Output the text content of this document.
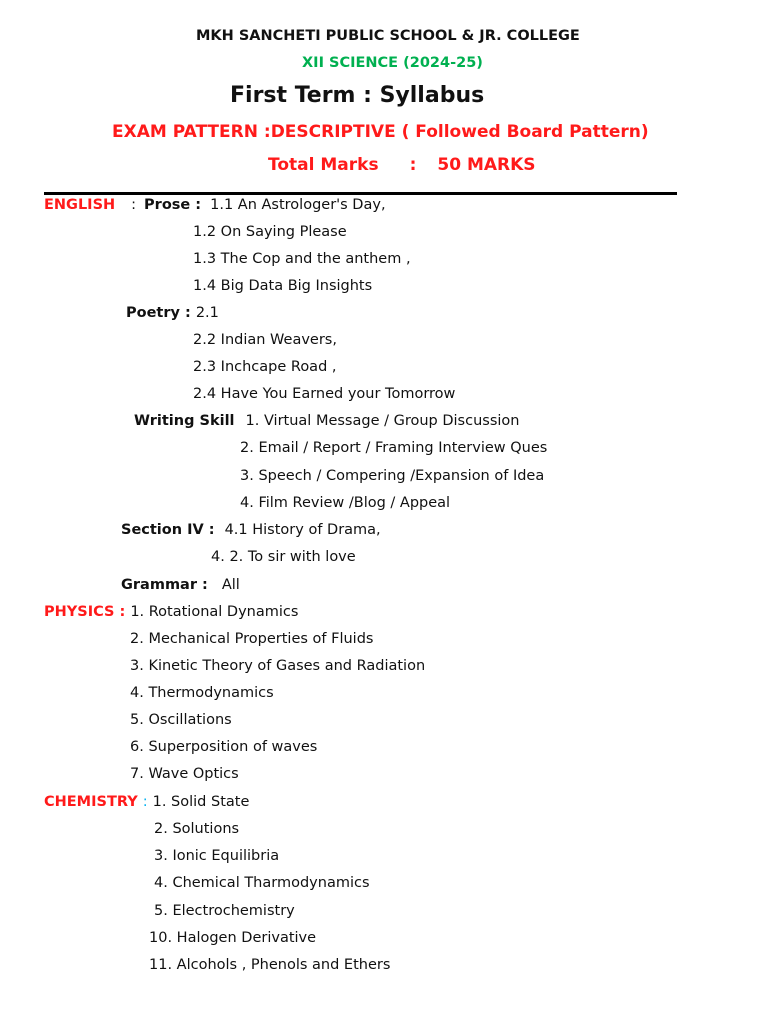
MKH SANCHETI PUBLIC SCHOOL & JR. COLLEGE
XII SCIENCE (2024-25)
First Term : Syllabus
EXAM PATTERN :DESCRIPTIVE ( Followed Board Pattern)
Total Marks : 50 MARKS
ENGLISH : Prose : 1.1 An Astrologer's Day,
1.2 On Saying Please
1.3 The Cop and the anthem ,
1.4 Big Data Big Insights
Poetry : 2.1
2.2 Indian Weavers,
2.3 Inchcape Road ,
2.4 Have You Earned your Tomorrow
Writing Skill 1. Virtual Message / Group Discussion
2. Email / Report / Framing Interview Ques
3. Speech / Compering /Expansion of Idea
4. Film Review /Blog / Appeal
Section IV : 4.1 History of Drama,
4. 2. To sir with love
Grammar : All
PHYSICS : 1. Rotational Dynamics
2. Mechanical Properties of Fluids
3. Kinetic Theory of Gases and Radiation
4. Thermodynamics
5. Oscillations
6. Superposition of waves
7. Wave Optics
CHEMISTRY : 1. Solid State
2. Solutions
3. Ionic Equilibria
4. Chemical Tharmodynamics
5. Electrochemistry
10. Halogen Derivative
11. Alcohols , Phenols and Ethers
